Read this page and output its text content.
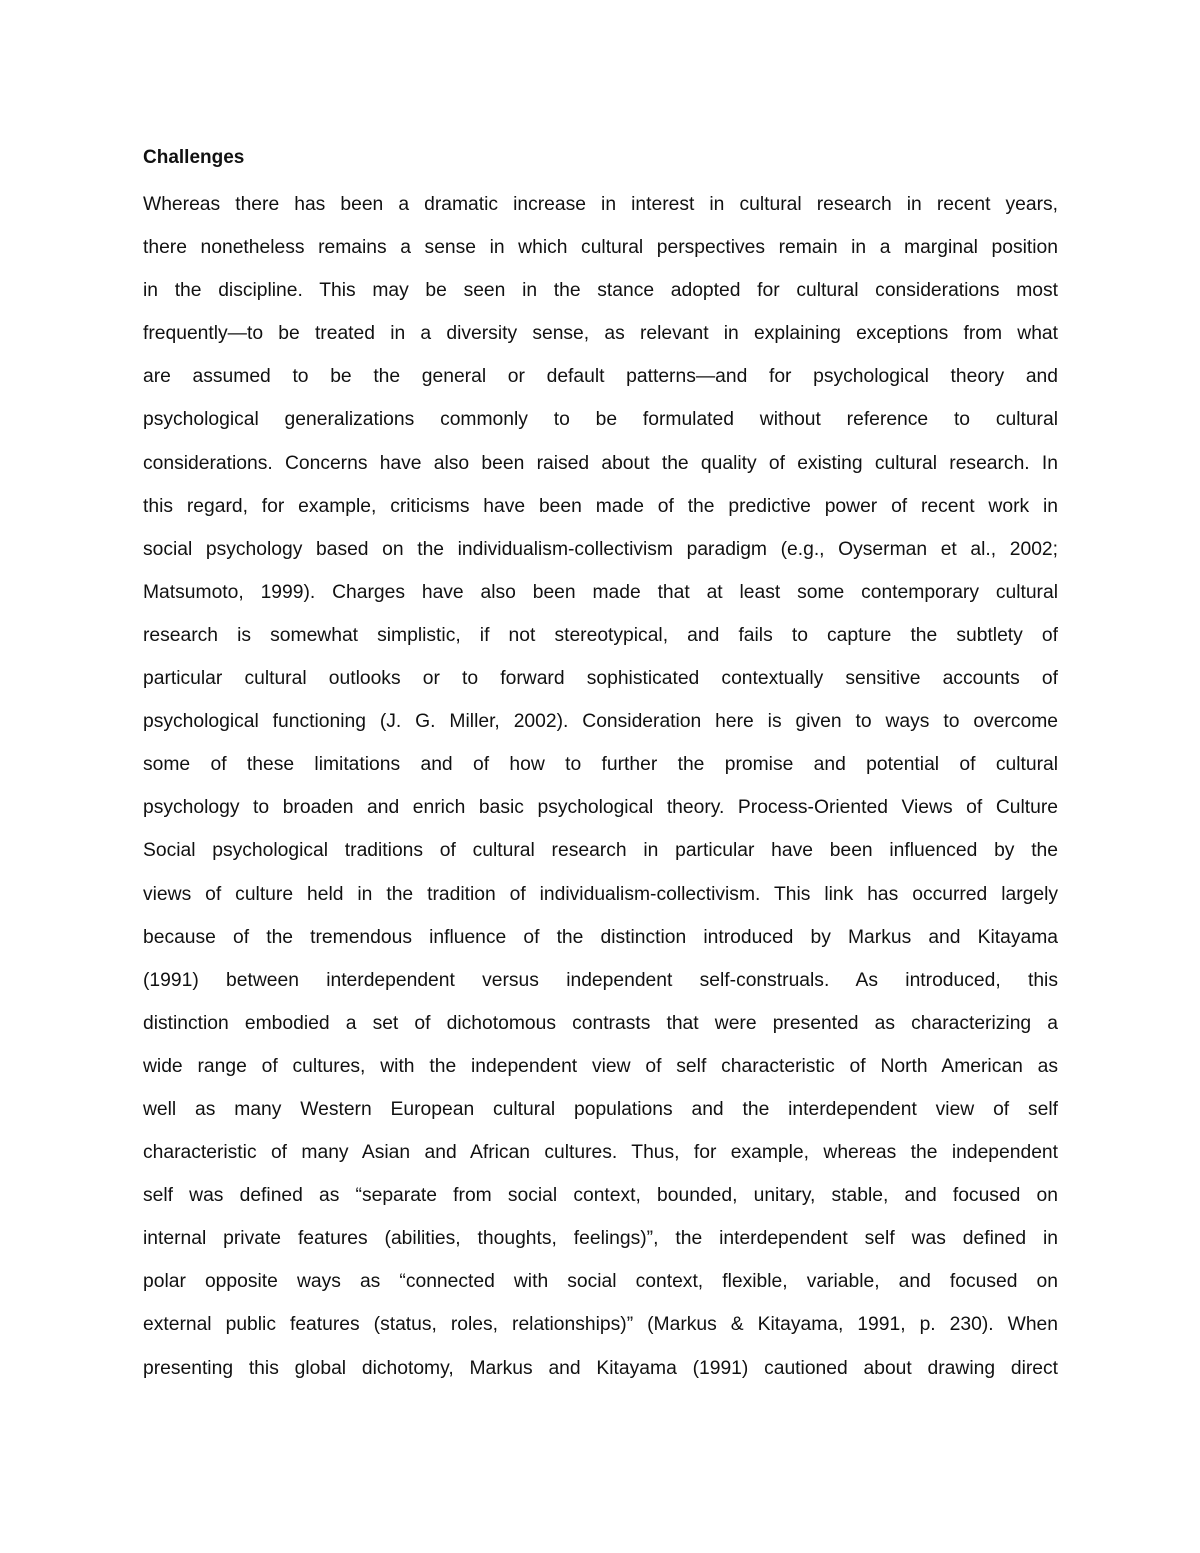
Challenges
Whereas there has been a dramatic increase in interest in cultural research in recent years,
there nonetheless remains a sense in which cultural perspectives remain in a marginal position
in the discipline. This may be seen in the stance adopted for cultural considerations most
frequently—to be treated in a diversity sense, as relevant in explaining exceptions from what
are assumed to be the general or default patterns—and for psychological theory and
psychological generalizations commonly to be formulated without reference to cultural
considerations. Concerns have also been raised about the quality of existing cultural research. In
this regard, for example, criticisms have been made of the predictive power of recent work in
social psychology based on the individualism-collectivism paradigm (e.g., Oyserman et al., 2002;
Matsumoto, 1999). Charges have also been made that at least some contemporary cultural
research is somewhat simplistic, if not stereotypical, and fails to capture the subtlety of
particular cultural outlooks or to forward sophisticated contextually sensitive accounts of
psychological functioning (J. G. Miller, 2002). Consideration here is given to ways to overcome
some of these limitations and of how to further the promise and potential of cultural
psychology to broaden and enrich basic psychological theory. Process-Oriented Views of Culture
Social psychological traditions of cultural research in particular have been influenced by the
views of culture held in the tradition of individualism-collectivism. This link has occurred largely
because of the tremendous influence of the distinction introduced by Markus and Kitayama
(1991) between interdependent versus independent self-construals. As introduced, this
distinction embodied a set of dichotomous contrasts that were presented as characterizing a
wide range of cultures, with the independent view of self characteristic of North American as
well as many Western European cultural populations and the interdependent view of self
characteristic of many Asian and African cultures. Thus, for example, whereas the independent
self was defined as “separate from social context, bounded, unitary, stable, and focused on
internal private features (abilities, thoughts, feelings)”, the interdependent self was defined in
polar opposite ways as “connected with social context, flexible, variable, and focused on
external public features (status, roles, relationships)” (Markus & Kitayama, 1991, p. 230). When
presenting this global dichotomy, Markus and Kitayama (1991) cautioned about drawing direct
